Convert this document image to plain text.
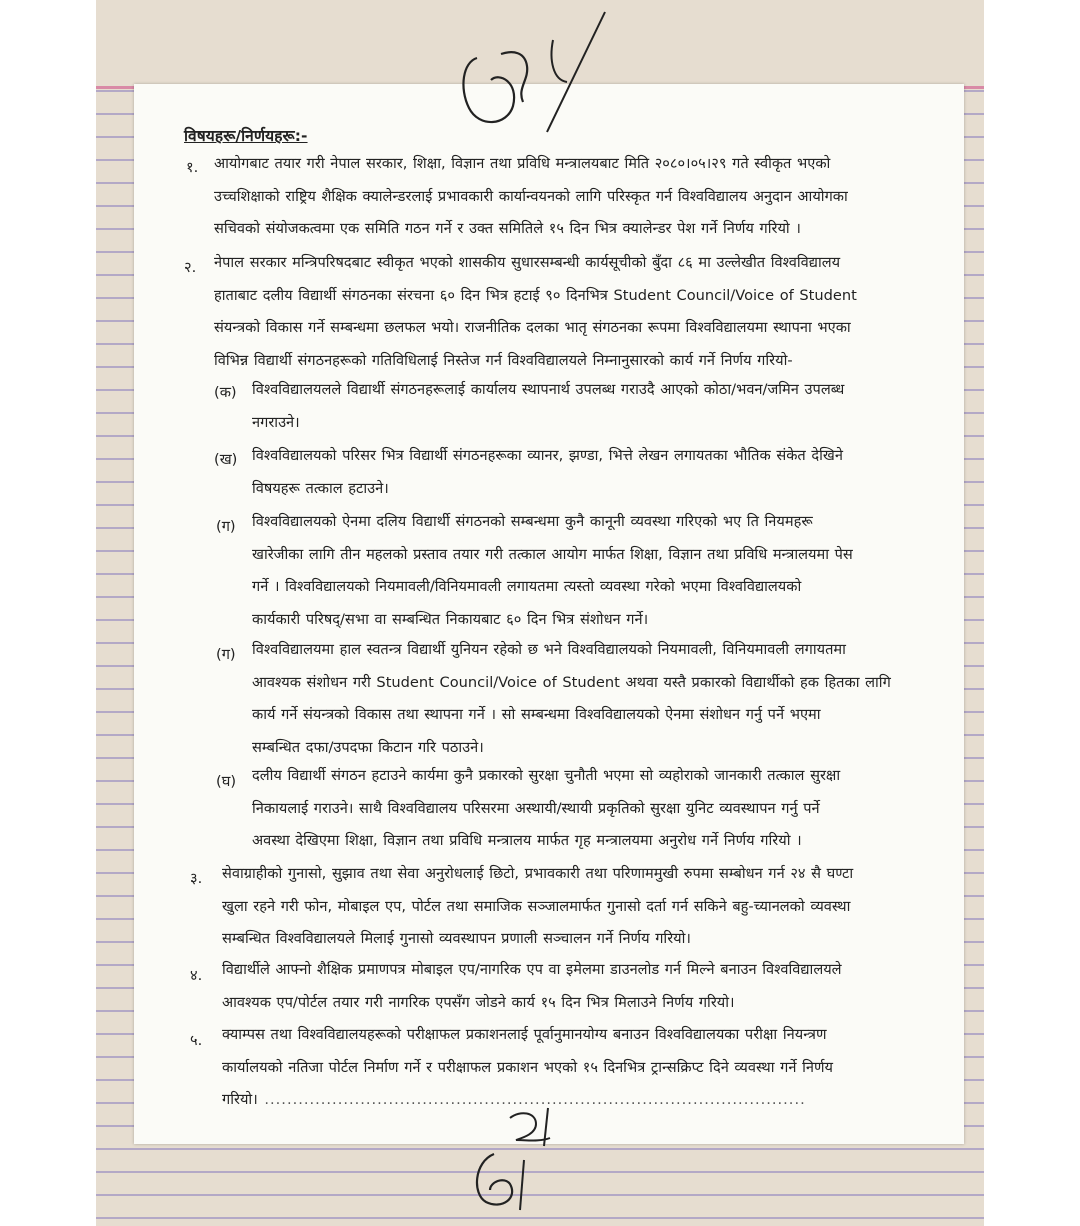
विषयहरू/निर्णयहरू:-
१. आयोगबाट तयार गरी नेपाल सरकार, शिक्षा, विज्ञान तथा प्रविधि मन्त्रालयबाट मिति २०८०।०५।२९ गते स्वीकृत भएको
उच्चशिक्षाको राष्ट्रिय शैक्षिक क्यालेन्डरलाई प्रभावकारी कार्यान्वयनको लागि परिस्कृत गर्न विश्वविद्यालय अनुदान आयोगका
सचिवको संयोजकत्वमा एक समिति गठन गर्ने र उक्त समितिले १५ दिन भित्र क्यालेन्डर पेश गर्ने निर्णय गरियो ।
२. नेपाल सरकार मन्त्रिपरिषदबाट स्वीकृत भएको शासकीय सुधारसम्बन्धी कार्यसूचीको बुँदा ८६ मा उल्लेखीत विश्वविद्यालय
हाताबाट दलीय विद्यार्थी संगठनका संरचना ६० दिन भित्र हटाई ९० दिनभित्र Student Council/Voice of Student
संयन्त्रको विकास गर्ने सम्बन्धमा छलफल भयो। राजनीतिक दलका भातृ संगठनका रूपमा विश्वविद्यालयमा स्थापना भएका
विभिन्न विद्यार्थी संगठनहरूको गतिविधिलाई निस्तेज गर्न विश्वविद्यालयले निम्नानुसारको कार्य गर्ने निर्णय गरियो-
(क) विश्वविद्यालयलले विद्यार्थी संगठनहरूलाई कार्यालय स्थापनार्थ उपलब्ध गराउदै आएको कोठा/भवन/जमिन उपलब्ध
नगराउने।
(ख) विश्वविद्यालयको परिसर भित्र विद्यार्थी संगठनहरूका व्यानर, झण्डा, भित्ते लेखन लगायतका भौतिक संकेत देखिने
विषयहरू तत्काल हटाउने।
(ग) विश्वविद्यालयको ऐनमा दलिय विद्यार्थी संगठनको सम्बन्धमा कुनै कानूनी व्यवस्था गरिएको भए ति नियमहरू
खारेजीका लागि तीन महलको प्रस्ताव तयार गरी तत्काल आयोग मार्फत शिक्षा, विज्ञान तथा प्रविधि मन्त्रालयमा पेस
गर्ने । विश्वविद्यालयको नियमावली/विनियमावली लगायतमा त्यस्तो व्यवस्था गरेको भएमा विश्वविद्यालयको
कार्यकारी परिषद्/सभा वा सम्बन्धित निकायबाट ६० दिन भित्र संशोधन गर्ने।
(ग) विश्वविद्यालयमा हाल स्वतन्त्र विद्यार्थी युनियन रहेको छ भने विश्वविद्यालयको नियमावली, विनियमावली लगायतमा
आवश्यक संशोधन गरी Student Council/Voice of Student अथवा यस्तै प्रकारको विद्यार्थीको हक हितका लागि
कार्य गर्ने संयन्त्रको विकास तथा स्थापना गर्ने । सो सम्बन्धमा विश्वविद्यालयको ऐनमा संशोधन गर्नु पर्ने भएमा
सम्बन्धित दफा/उपदफा किटान गरि पठाउने।
(घ) दलीय विद्यार्थी संगठन हटाउने कार्यमा कुनै प्रकारको सुरक्षा चुनौती भएमा सो व्यहोराको जानकारी तत्काल सुरक्षा
निकायलाई गराउने। साथै विश्वविद्यालय परिसरमा अस्थायी/स्थायी प्रकृतिको सुरक्षा युनिट व्यवस्थापन गर्नु पर्ने
अवस्था देखिएमा शिक्षा, विज्ञान तथा प्रविधि मन्त्रालय मार्फत गृह मन्त्रालयमा अनुरोध गर्ने निर्णय गरियो ।
३. सेवाग्राहीको गुनासो, सुझाव तथा सेवा अनुरोधलाई छिटो, प्रभावकारी तथा परिणाममुखी रुपमा सम्बोधन गर्न २४ सै घण्टा
खुला रहने गरी फोन, मोबाइल एप, पोर्टल तथा समाजिक सञ्जालमार्फत गुनासो दर्ता गर्न सकिने बहु-च्यानलको व्यवस्था
सम्बन्धित विश्वविद्यालयले मिलाई गुनासो व्यवस्थापन प्रणाली सञ्चालन गर्ने निर्णय गरियो।
४. विद्यार्थीले आफ्नो शैक्षिक प्रमाणपत्र मोबाइल एप/नागरिक एप वा इमेलमा डाउनलोड गर्न मिल्ने बनाउन विश्वविद्यालयले
आवश्यक एप/पोर्टल तयार गरी नागरिक एपसँग जोडने कार्य १५ दिन भित्र मिलाउने निर्णय गरियो।
५. क्याम्पस तथा विश्वविद्यालयहरूको परीक्षाफल प्रकाशनलाई पूर्वानुमानयोग्य बनाउन विश्वविद्यालयका परीक्षा नियन्त्रण
कार्यालयको नतिजा पोर्टल निर्माण गर्ने र परीक्षाफल प्रकाशन भएको १५ दिनभित्र ट्रान्सक्रिप्ट दिने व्यवस्था गर्ने निर्णय
गरियो। ................................................................................................
